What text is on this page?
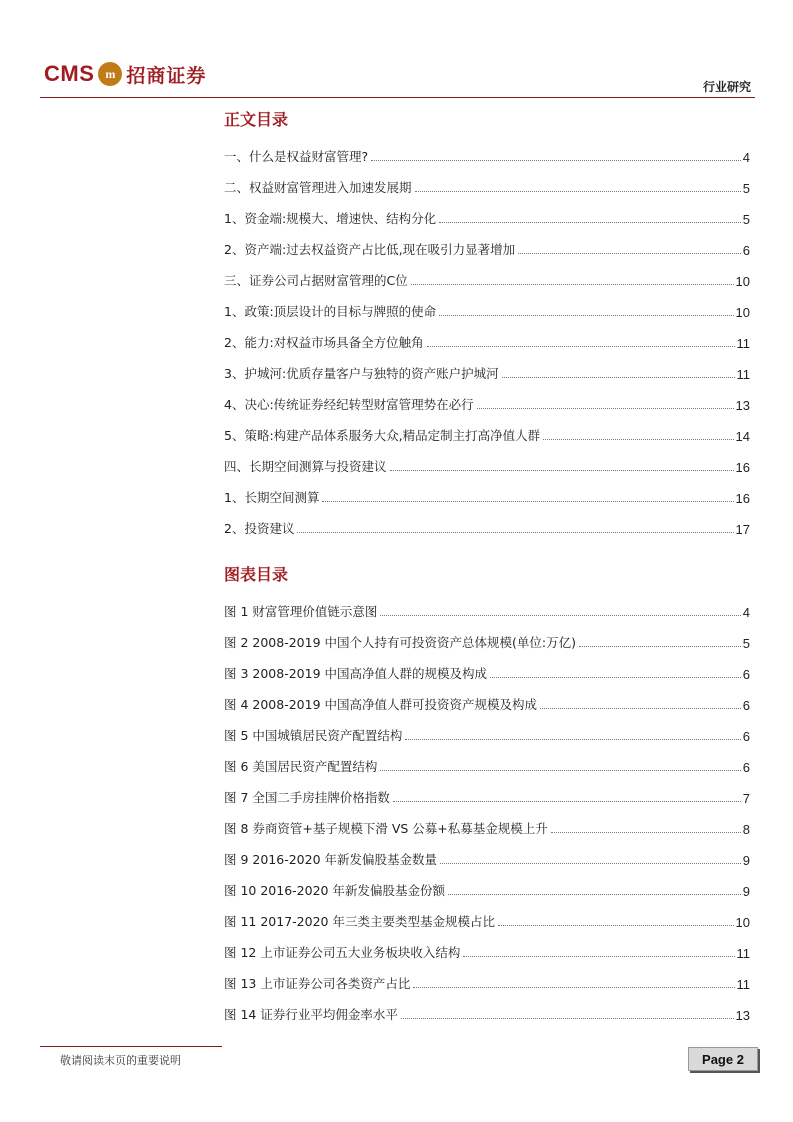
CMS m 招商证券
行业研究
正文目录
一、什么是权益财富管理?	4
二、权益财富管理进入加速发展期	5
1、资金端:规模大、增速快、结构分化	5
2、资产端:过去权益资产占比低,现在吸引力显著增加	6
三、证券公司占据财富管理的C位	10
1、政策:顶层设计的目标与牌照的使命	10
2、能力:对权益市场具备全方位触角	11
3、护城河:优质存量客户与独特的资产账户护城河	11
4、决心:传统证券经纪转型财富管理势在必行	13
5、策略:构建产品体系服务大众,精品定制主打高净值人群	14
四、长期空间测算与投资建议	16
1、长期空间测算	16
2、投资建议	17
图表目录
图 1 财富管理价值链示意图	4
图 2 2008-2019 中国个人持有可投资资产总体规模(单位:万亿)	5
图 3 2008-2019 中国高净值人群的规模及构成	6
图 4 2008-2019 中国高净值人群可投资资产规模及构成	6
图 5 中国城镇居民资产配置结构	6
图 6 美国居民资产配置结构	6
图 7 全国二手房挂牌价格指数	7
图 8 券商资管+基子规模下滑 VS 公募+私募基金规模上升	8
图 9 2016-2020 年新发偏股基金数量	9
图 10 2016-2020 年新发偏股基金份额	9
图 11 2017-2020 年三类主要类型基金规模占比	10
图 12 上市证券公司五大业务板块收入结构	11
图 13 上市证券公司各类资产占比	11
图 14 证券行业平均佣金率水平	13
敬请阅读末页的重要说明	Page 2
